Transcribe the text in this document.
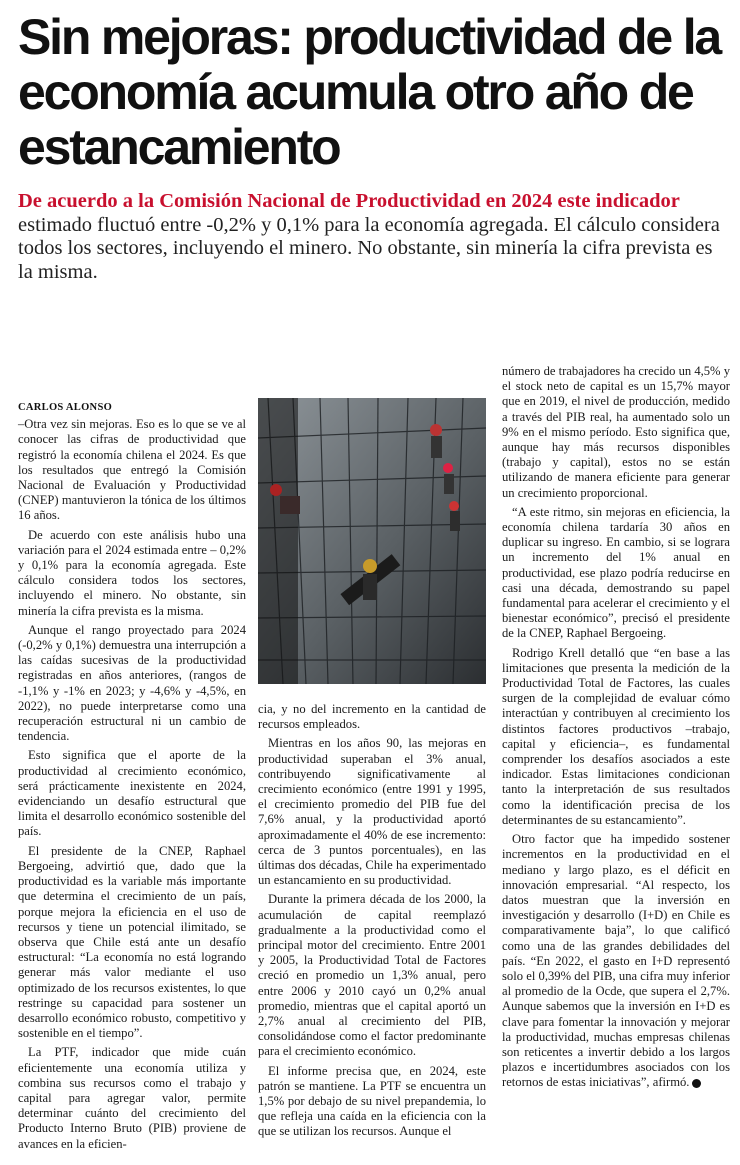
Sin mejoras: productividad de la economía acumula otro año de estancamiento

De acuerdo a la Comisión Nacional de Productividad en 2024 este indicador estimado fluctuó entre -0,2% y 0,1% para la economía agregada. El cálculo considera todos los sectores, incluyendo el minero. No obstante, sin minería la cifra prevista es la misma.

CARLOS ALONSO

–Otra vez sin mejoras. Eso es lo que se ve al conocer las cifras de productividad que registró la economía chilena el 2024. Es que los resultados que entregó la Comisión Nacional de Evaluación y Productividad (CNEP) mantuvieron la tónica de los últimos 16 años.

De acuerdo con este análisis hubo una variación para el 2024 estimada entre – 0,2% y 0,1% para la economía agregada. Este cálculo considera todos los sectores, incluyendo el minero. No obstante, sin minería la cifra prevista es la misma.

Aunque el rango proyectado para 2024 (-0,2% y 0,1%) demuestra una interrupción a las caídas sucesivas de la productividad registradas en años anteriores, (rangos de -1,1% y -1% en 2023; y -4,6% y -4,5%, en 2022), no puede interpretarse como una recuperación estructural ni un cambio de tendencia.

Esto significa que el aporte de la productividad al crecimiento económico, será prácticamente inexistente en 2024, evidenciando un desafío estructural que limita el desarrollo económico sostenible del país.

El presidente de la CNEP, Raphael Bergoeing, advirtió que, dado que la productividad es la variable más importante que determina el crecimiento de un país, porque mejora la eficiencia en el uso de recursos y tiene un potencial ilimitado, se observa que Chile está ante un desafío estructural: “La economía no está logrando generar más valor mediante el uso optimizado de los recursos existentes, lo que restringe su capacidad para sostener un desarrollo económico robusto, competitivo y sostenible en el tiempo”.

La PTF, indicador que mide cuán eficientemente una economía utiliza y combina sus recursos como el trabajo y capital para agregar valor, permite determinar cuánto del crecimiento del Producto Interno Bruto (PIB) proviene de avances en la eficien-

cia, y no del incremento en la cantidad de recursos empleados.

Mientras en los años 90, las mejoras en productividad superaban el 3% anual, contribuyendo significativamente al crecimiento económico (entre 1991 y 1995, el crecimiento promedio del PIB fue del 7,6% anual, y la productividad aportó aproximadamente el 40% de ese incremento: cerca de 3 puntos porcentuales), en las últimas dos décadas, Chile ha experimentado un estancamiento en su productividad.

Durante la primera década de los 2000, la acumulación de capital reemplazó gradualmente a la productividad como el principal motor del crecimiento. Entre 2001 y 2005, la Productividad Total de Factores creció en promedio un 1,3% anual, pero entre 2006 y 2010 cayó un 0,2% anual promedio, mientras que el capital aportó un 2,7% anual al crecimiento del PIB, consolidándose como el factor predominante para el crecimiento económico.

El informe precisa que, en 2024, este patrón se mantiene. La PTF se encuentra un 1,5% por debajo de su nivel prepandemia, lo que refleja una caída en la eficiencia con la que se utilizan los recursos. Aunque el

número de trabajadores ha crecido un 4,5% y el stock neto de capital es un 15,7% mayor que en 2019, el nivel de producción, medido a través del PIB real, ha aumentado solo un 9% en el mismo período. Esto significa que, aunque hay más recursos disponibles (trabajo y capital), estos no se están utilizando de manera eficiente para generar un crecimiento proporcional.

“A este ritmo, sin mejoras en eficiencia, la economía chilena tardaría 30 años en duplicar su ingreso. En cambio, si se lograra un incremento del 1% anual en productividad, ese plazo podría reducirse en casi una década, demostrando su papel fundamental para acelerar el crecimiento y el bienestar económico”, precisó el presidente de la CNEP, Raphael Bergoeing.

Rodrigo Krell detalló que “en base a las limitaciones que presenta la medición de la Productividad Total de Factores, las cuales surgen de la complejidad de evaluar cómo interactúan y contribuyen al crecimiento los distintos factores productivos –trabajo, capital y eficiencia–, es fundamental comprender los desafíos asociados a este indicador. Estas limitaciones condicionan tanto la interpretación de sus resultados como la identificación precisa de los determinantes de su estancamiento”.

Otro factor que ha impedido sostener incrementos en la productividad en el mediano y largo plazo, es el déficit en innovación empresarial. “Al respecto, los datos muestran que la inversión en investigación y desarrollo (I+D) en Chile es comparativamente baja”, lo que calificó como una de las grandes debilidades del país. “En 2022, el gasto en I+D representó solo el 0,39% del PIB, una cifra muy inferior al promedio de la Ocde, que supera el 2,7%. Aunque sabemos que la inversión en I+D es clave para fomentar la innovación y mejorar la productividad, muchas empresas chilenas son reticentes a invertir debido a los largos plazos e incertidumbres asociados con los retornos de estas iniciativas”, afirmó.
